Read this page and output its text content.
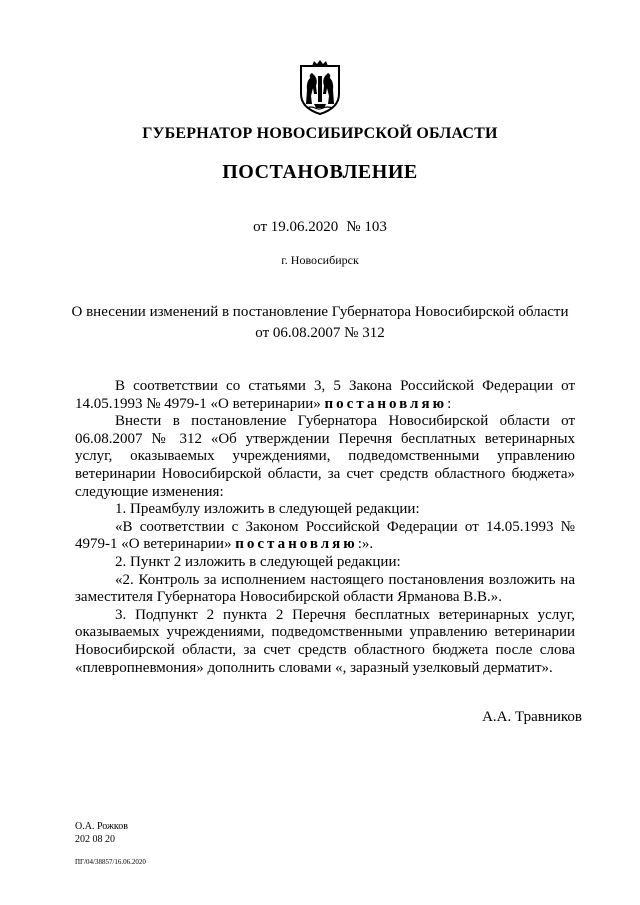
ГУБЕРНАТОР НОВОСИБИРСКОЙ ОБЛАСТИ
ПОСТАНОВЛЕНИЕ
от 19.06.2020 № 103
г. Новосибирск
О внесении изменений в постановление Губернатора Новосибирской области
от 06.08.2007 № 312

В соответствии со статьями 3, 5 Закона Российской Федерации от 14.05.1993 № 4979-1 «О ветеринарии» постановляю:

Внести в постановление Губернатора Новосибирской области от 06.08.2007 № 312 «Об утверждении Перечня бесплатных ветеринарных услуг, оказываемых учреждениями, подведомственными управлению ветеринарии Новосибирской области, за счет средств областного бюджета» следующие изменения:

1. Преамбулу изложить в следующей редакции:

«В соответствии с Законом Российской Федерации от 14.05.1993 № 4979-1 «О ветеринарии» постановляю:».

2. Пункт 2 изложить в следующей редакции:

«2. Контроль за исполнением настоящего постановления возложить на заместителя Губернатора Новосибирской области Ярманова В.В.».

3. Подпункт 2 пункта 2 Перечня бесплатных ветеринарных услуг, оказываемых учреждениями, подведомственными управлению ветеринарии Новосибирской области, за счет средств областного бюджета после слова «плевропневмония» дополнить словами «, заразный узелковый дерматит».

А.А. Травников
О.А. Рожков
202 08 20
ПГ/04/38857/16.06.2020
